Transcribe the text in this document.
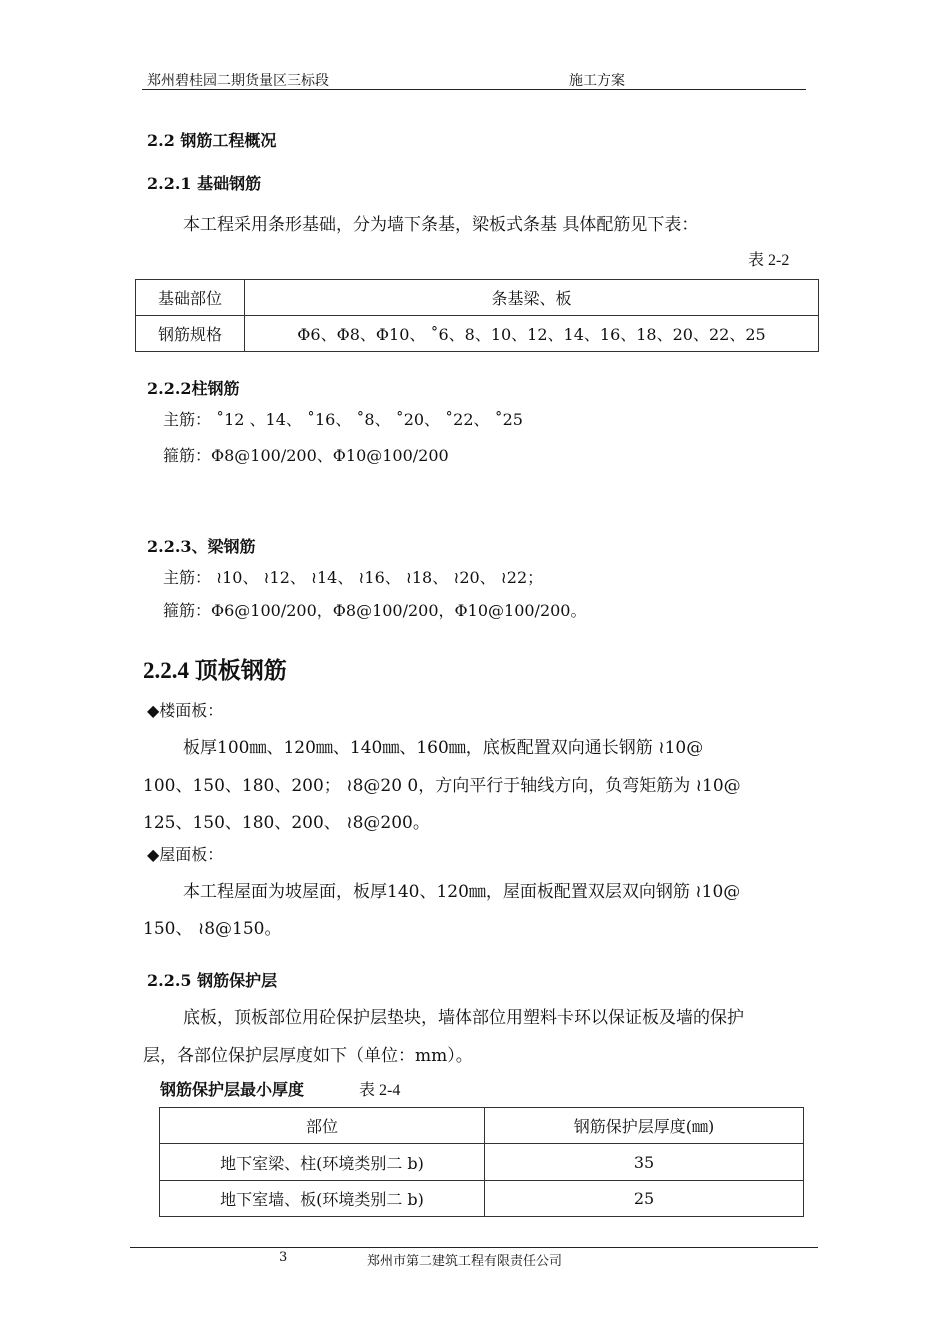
郑州碧桂园二期货量区三标段	施工方案
2.2 钢筋工程概况
2.2.1 基础钢筋
本工程采用条形基础，分为墙下条基，梁板式条基 具体配筋见下表：
表 2-2
基础部位	条基梁、板
钢筋规格	Φ6、Φ8、Φ10、 ˚6、8、10、12、14、16、18、20、22、25
2.2.2柱钢筋
主筋： ˚12 、14、 ˚16、 ˚8、 ˚20、 ˚22、 ˚25
箍筋：Φ8@100/200、Φ10@100/200
2.2.3、梁钢筋
主筋： ≀10、 ≀12、 ≀14、 ≀16、 ≀18、 ≀20、 ≀22；
箍筋：Φ6@100/200，Φ8@100/200，Φ10@100/200。
2.2.4 顶板钢筋
◆楼面板：
板厚100㎜、120㎜、140㎜、160㎜，底板配置双向通长钢筋 ≀10@
100、150、180、200； ≀8@20 0，方向平行于轴线方向，负弯矩筋为 ≀10@
125、150、180、200、 ≀8@200。
◆屋面板：
本工程屋面为坡屋面，板厚140、120㎜，屋面板配置双层双向钢筋 ≀10@
150、 ≀8@150。
2.2.5 钢筋保护层
底板，顶板部位用砼保护层垫块，墙体部位用塑料卡环以保证板及墙的保护
层，各部位保护层厚度如下（单位：mm）。
钢筋保护层最小厚度	表 2-4
部位	钢筋保护层厚度(㎜)
地下室梁、柱(环境类别二 b)	35
地下室墙、板(环境类别二 b)	25
3	郑州市第二建筑工程有限责任公司
